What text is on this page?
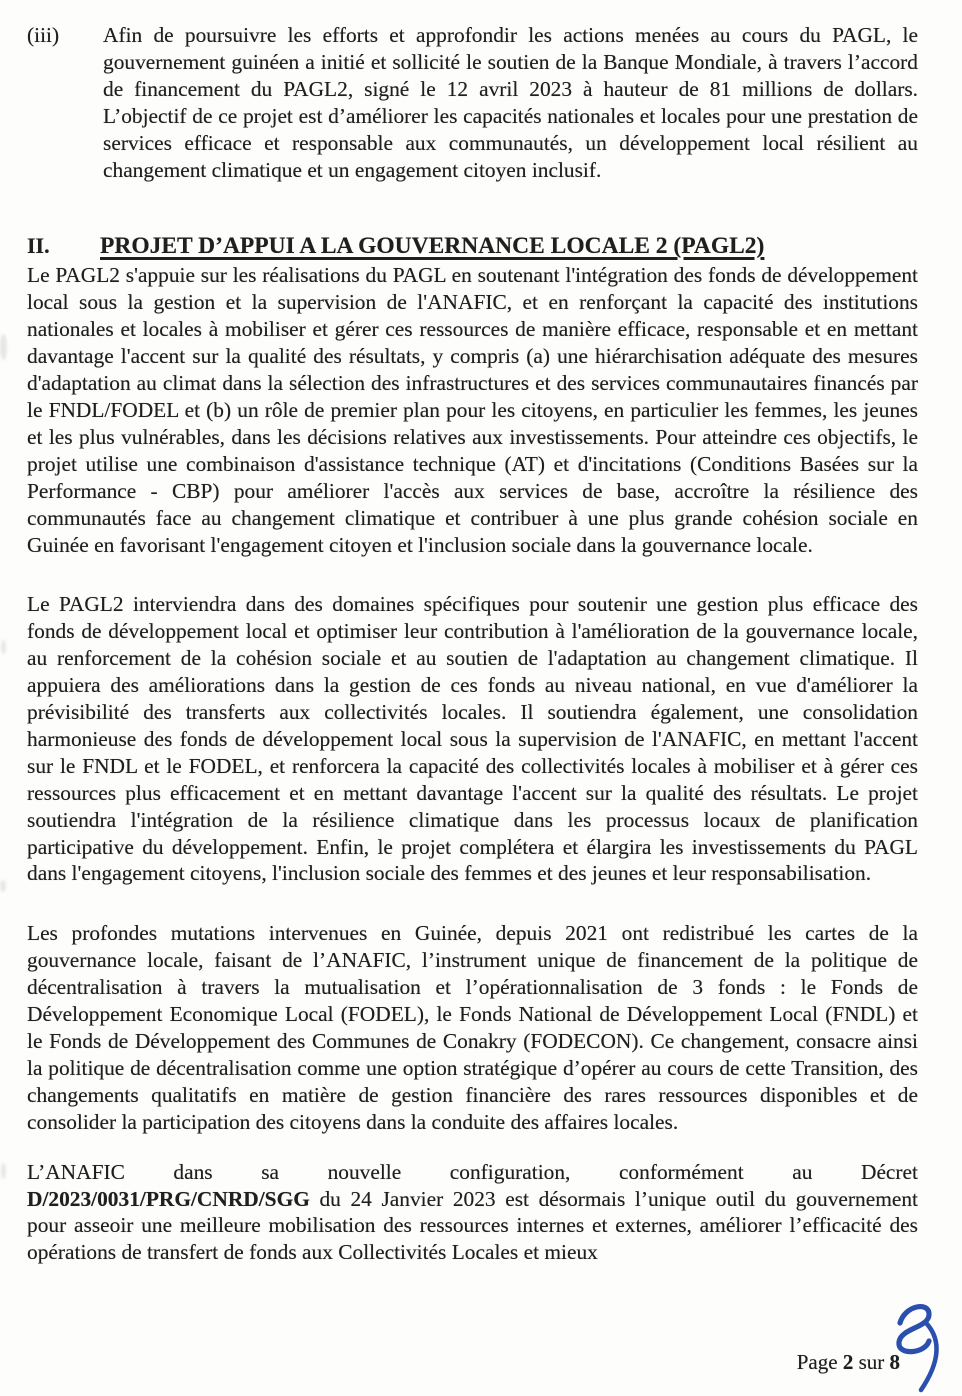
(iii)	Afin de poursuivre les efforts et approfondir les actions menées au cours du PAGL, le gouvernement guinéen a initié et sollicité le soutien de la Banque Mondiale, à travers l’accord de financement du PAGL2, signé le 12 avril 2023 à hauteur de 81 millions de dollars. L’objectif de ce projet est d’améliorer les capacités nationales et locales pour une prestation de services efficace et responsable aux communautés, un développement local résilient au changement climatique et un engagement citoyen inclusif.

II.	PROJET D’APPUI A LA GOUVERNANCE LOCALE 2 (PAGL2)

Le PAGL2 s'appuie sur les réalisations du PAGL en soutenant l'intégration des fonds de développement local sous la gestion et la supervision de l'ANAFIC, et en renforçant la capacité des institutions nationales et locales à mobiliser et gérer ces ressources de manière efficace, responsable et en mettant davantage l'accent sur la qualité des résultats, y compris (a) une hiérarchisation adéquate des mesures d'adaptation au climat dans la sélection des infrastructures et des services communautaires financés par le FNDL/FODEL et (b) un rôle de premier plan pour les citoyens, en particulier les femmes, les jeunes et les plus vulnérables, dans les décisions relatives aux investissements. Pour atteindre ces objectifs, le projet utilise une combinaison d'assistance technique (AT) et d'incitations (Conditions Basées sur la Performance - CBP) pour améliorer l'accès aux services de base, accroître la résilience des communautés face au changement climatique et contribuer à une plus grande cohésion sociale en Guinée en favorisant l'engagement citoyen et l'inclusion sociale dans la gouvernance locale.

Le PAGL2 interviendra dans des domaines spécifiques pour soutenir une gestion plus efficace des fonds de développement local et optimiser leur contribution à l'amélioration de la gouvernance locale, au renforcement de la cohésion sociale et au soutien de l'adaptation au changement climatique. Il appuiera des améliorations dans la gestion de ces fonds au niveau national, en vue d'améliorer la prévisibilité des transferts aux collectivités locales. Il soutiendra également, une consolidation harmonieuse des fonds de développement local sous la supervision de l'ANAFIC, en mettant l'accent sur le FNDL et le FODEL, et renforcera la capacité des collectivités locales à mobiliser et à gérer ces ressources plus efficacement et en mettant davantage l'accent sur la qualité des résultats. Le projet soutiendra l'intégration de la résilience climatique dans les processus locaux de planification participative du développement. Enfin, le projet complétera et élargira les investissements du PAGL dans l'engagement citoyens, l'inclusion sociale des femmes et des jeunes et leur responsabilisation.

Les profondes mutations intervenues en Guinée, depuis 2021 ont redistribué les cartes de la gouvernance locale, faisant de l’ANAFIC, l’instrument unique de financement de la politique de décentralisation à travers la mutualisation et l’opérationnalisation de 3 fonds : le Fonds de Développement Economique Local (FODEL), le Fonds National de Développement Local (FNDL) et le Fonds de Développement des Communes de Conakry (FODECON). Ce changement, consacre ainsi la politique de décentralisation comme une option stratégique d’opérer au cours de cette Transition, des changements qualitatifs en matière de gestion financière des rares ressources disponibles et de consolider la participation des citoyens dans la conduite des affaires locales.

L’ANAFIC dans sa nouvelle configuration, conformément au Décret
D/2023/0031/PRG/CNRD/SGG du 24 Janvier 2023 est désormais l’unique outil du gouvernement pour asseoir une meilleure mobilisation des ressources internes et externes, améliorer l’efficacité des opérations de transfert de fonds aux Collectivités Locales et mieux

Page 2 sur 8
